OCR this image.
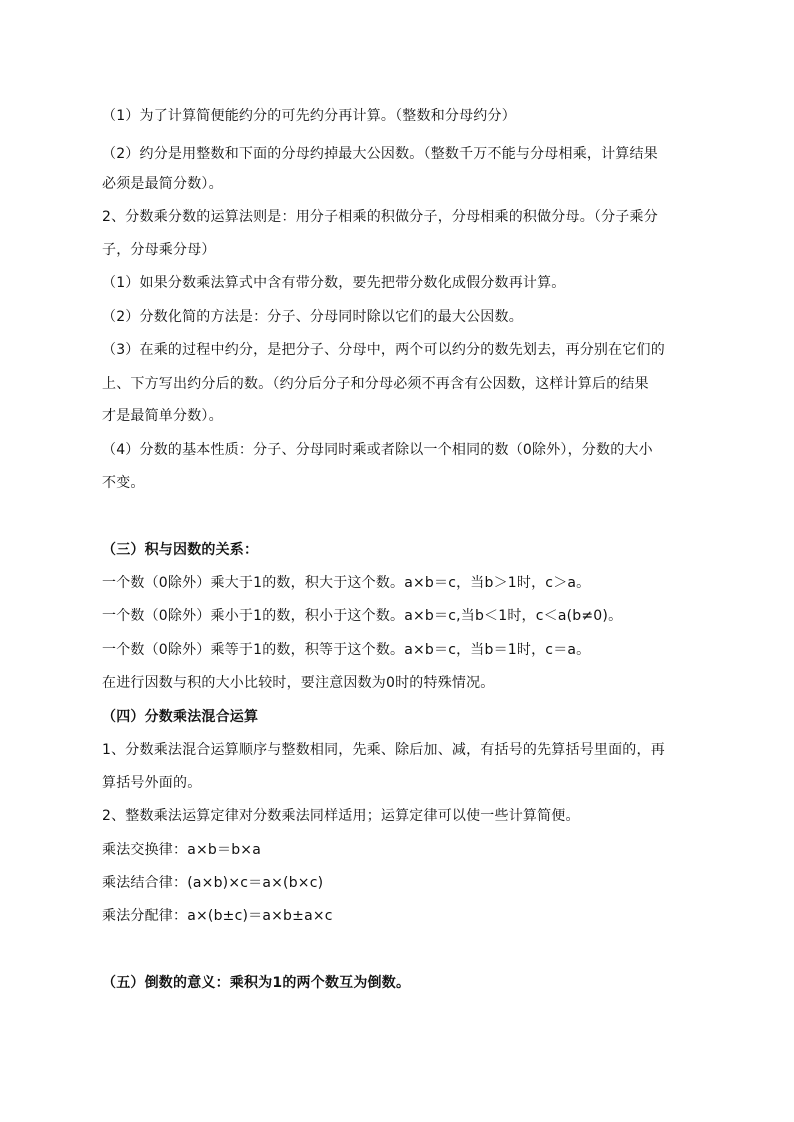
（1）为了计算简便能约分的可先约分再计算。（整数和分母约分）
（2）约分是用整数和下面的分母约掉最大公因数。（整数千万不能与分母相乘，计算结果
必须是最简分数）。
2、分数乘分数的运算法则是：用分子相乘的积做分子，分母相乘的积做分母。（分子乘分
子，分母乘分母）
（1）如果分数乘法算式中含有带分数，要先把带分数化成假分数再计算。
（2）分数化简的方法是：分子、分母同时除以它们的最大公因数。
（3）在乘的过程中约分，是把分子、分母中，两个可以约分的数先划去，再分别在它们的
上、下方写出约分后的数。（约分后分子和分母必须不再含有公因数，这样计算后的结果
才是最简单分数）。
（4）分数的基本性质：分子、分母同时乘或者除以一个相同的数（0除外），分数的大小
不变。
（三）积与因数的关系：
一个数（0除外）乘大于1的数，积大于这个数。a×b＝c，当b＞1时，c＞a。
一个数（0除外）乘小于1的数，积小于这个数。a×b＝c,当b＜1时，c＜a(b≠0)。
一个数（0除外）乘等于1的数，积等于这个数。a×b＝c，当b＝1时，c＝a。
在进行因数与积的大小比较时，要注意因数为0时的特殊情况。
（四）分数乘法混合运算
1、分数乘法混合运算顺序与整数相同，先乘、除后加、减，有括号的先算括号里面的，再
算括号外面的。
2、整数乘法运算定律对分数乘法同样适用；运算定律可以使一些计算简便。
乘法交换律：a×b＝b×a
乘法结合律：(a×b)×c＝a×(b×c)
乘法分配律：a×(b±c)＝a×b±a×c
（五）倒数的意义：乘积为1的两个数互为倒数。
